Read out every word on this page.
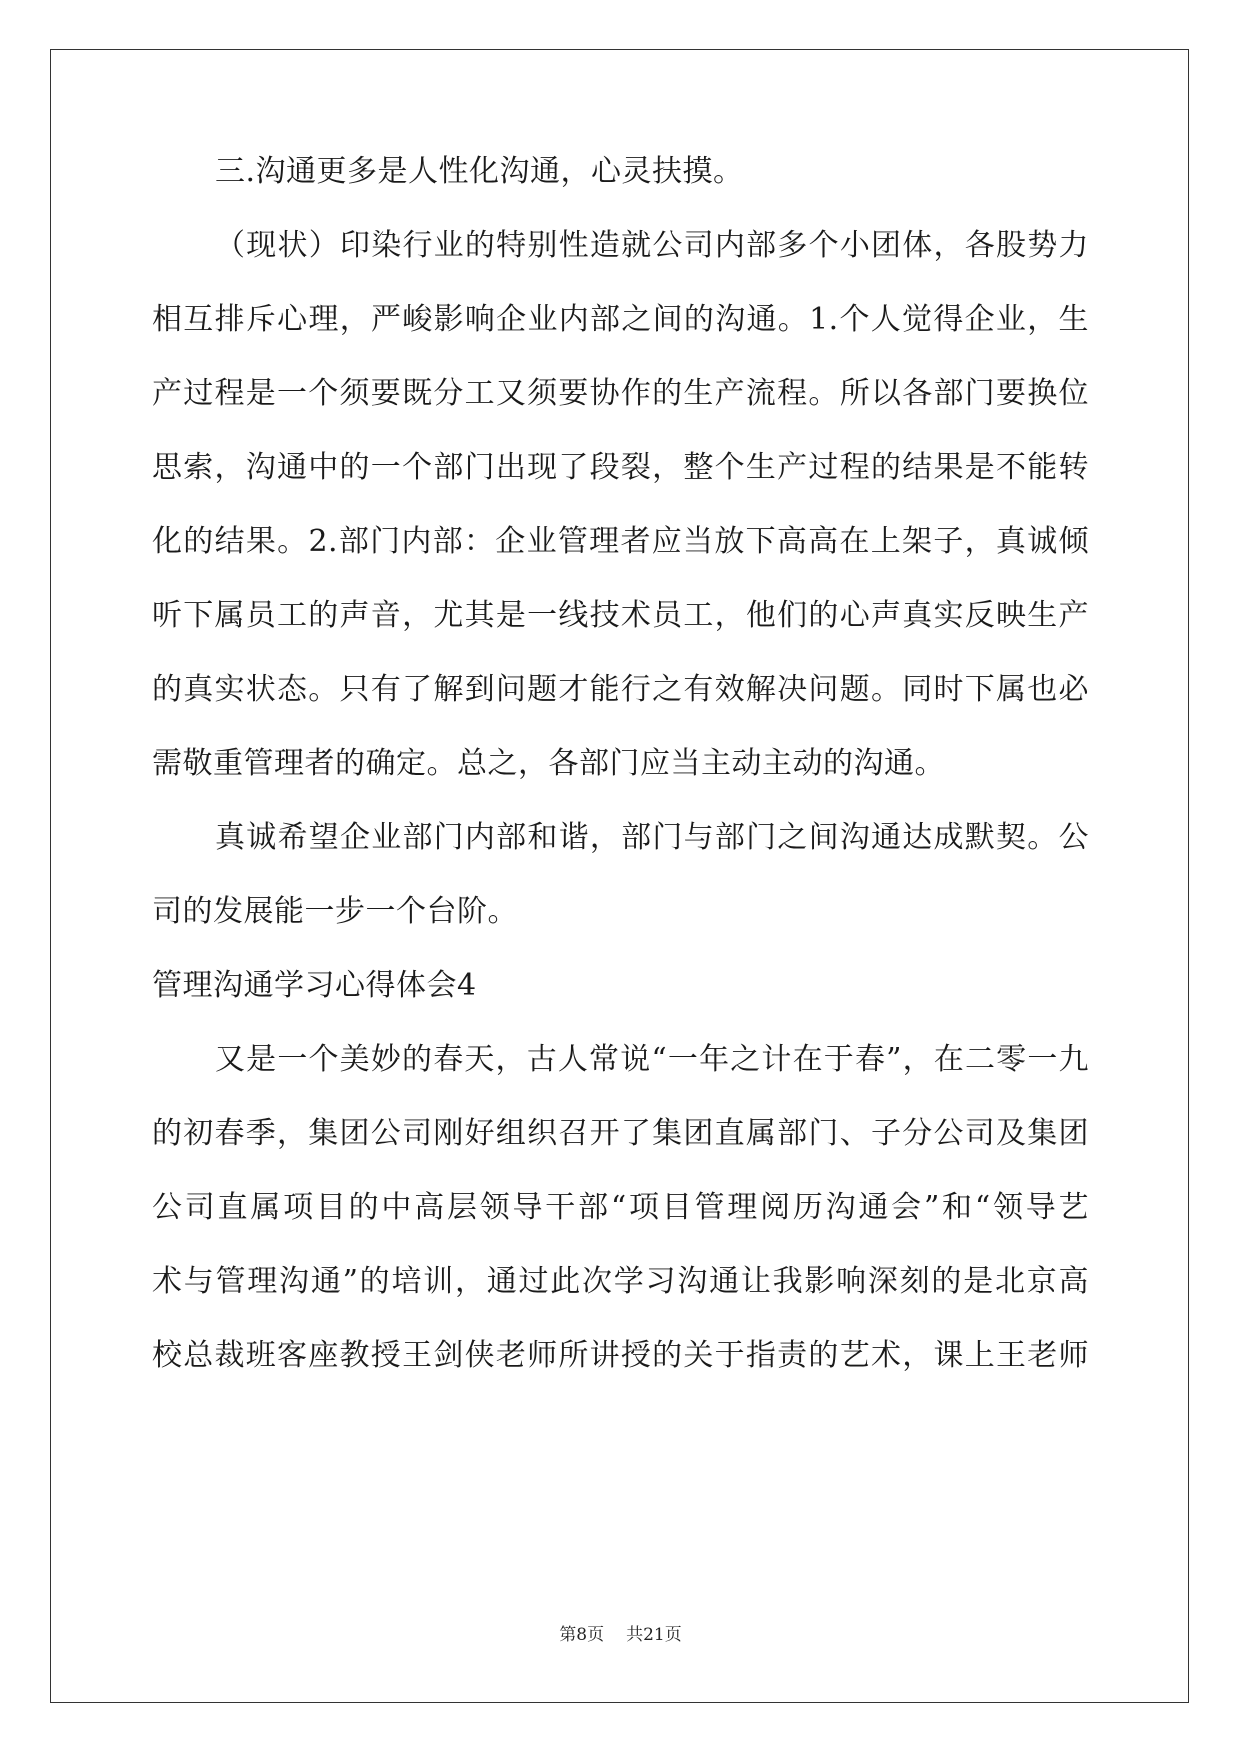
三.沟通更多是人性化沟通，心灵扶摸。
（现状）印染行业的特别性造就公司内部多个小团体，各股势力
相互排斥心理，严峻影响企业内部之间的沟通。1.个人觉得企业，生
产过程是一个须要既分工又须要协作的生产流程。所以各部门要换位
思索，沟通中的一个部门出现了段裂，整个生产过程的结果是不能转
化的结果。2.部门内部：企业管理者应当放下高高在上架子，真诚倾
听下属员工的声音，尤其是一线技术员工，他们的心声真实反映生产
的真实状态。只有了解到问题才能行之有效解决问题。同时下属也必
需敬重管理者的确定。总之，各部门应当主动主动的沟通。
真诚希望企业部门内部和谐，部门与部门之间沟通达成默契。公
司的发展能一步一个台阶。
管理沟通学习心得体会4
又是一个美妙的春天，古人常说“一年之计在于春”，在二零一九
的初春季，集团公司刚好组织召开了集团直属部门、子分公司及集团
公司直属项目的中高层领导干部“项目管理阅历沟通会”和“领导艺
术与管理沟通”的培训，通过此次学习沟通让我影响深刻的是北京高
校总裁班客座教授王剑侠老师所讲授的关于指责的艺术，课上王老师
第8页 共21页
